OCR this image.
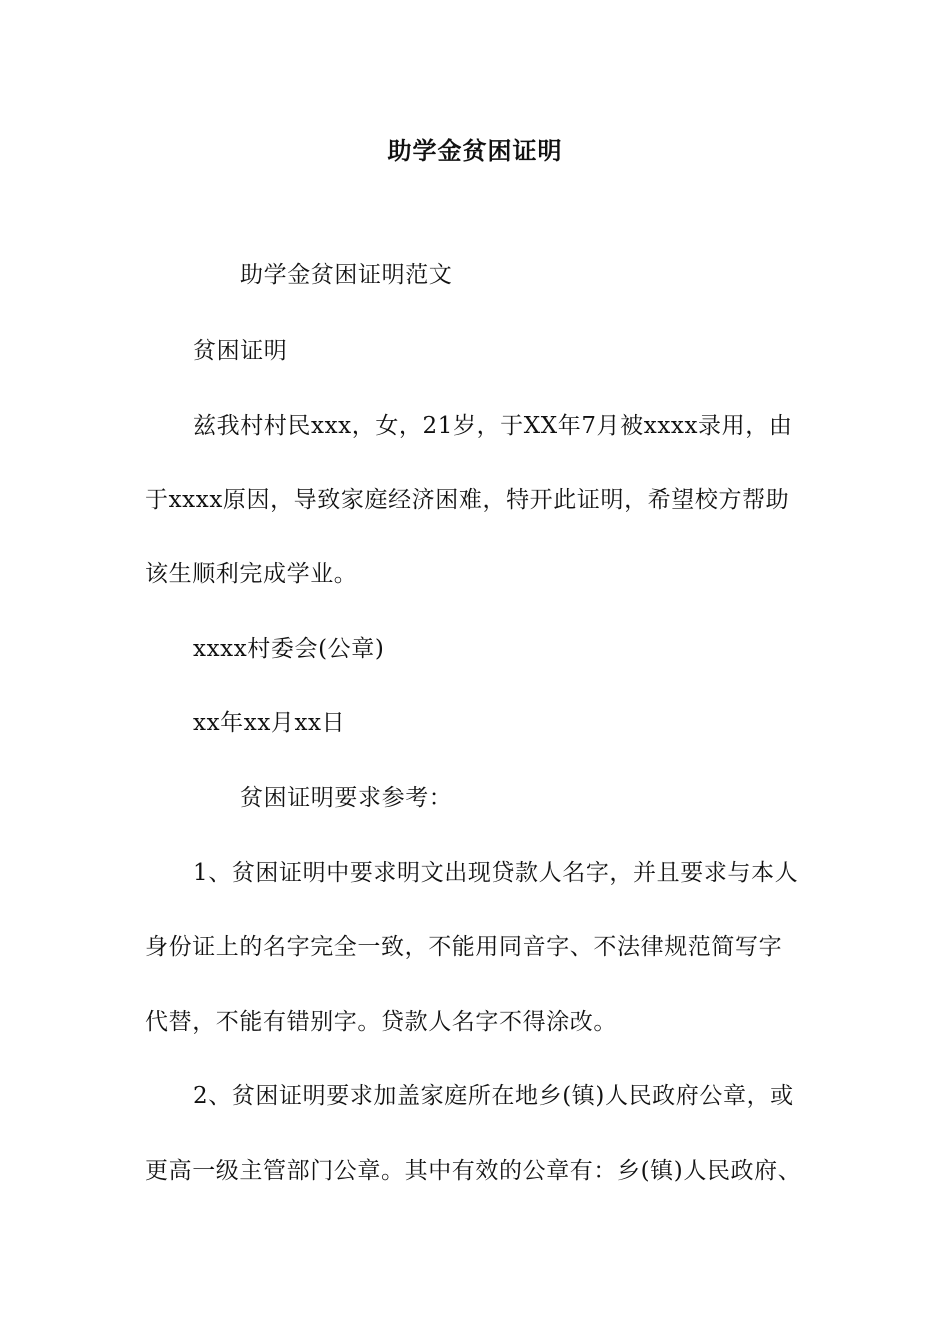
助学金贫困证明
助学金贫困证明范文
贫困证明
兹我村村民xxx，女，21岁，于XX年7月被xxxx录用，由
于xxxx原因，导致家庭经济困难，特开此证明，希望校方帮助
该生顺利完成学业。
xxxx村委会(公章)
xx年xx月xx日
贫困证明要求参考：
1、贫困证明中要求明文出现贷款人名字，并且要求与本人
身份证上的名字完全一致，不能用同音字、不法律规范简写字
代替，不能有错别字。贷款人名字不得涂改。
2、贫困证明要求加盖家庭所在地乡(镇)人民政府公章，或
更高一级主管部门公章。其中有效的公章有：乡(镇)人民政府、
